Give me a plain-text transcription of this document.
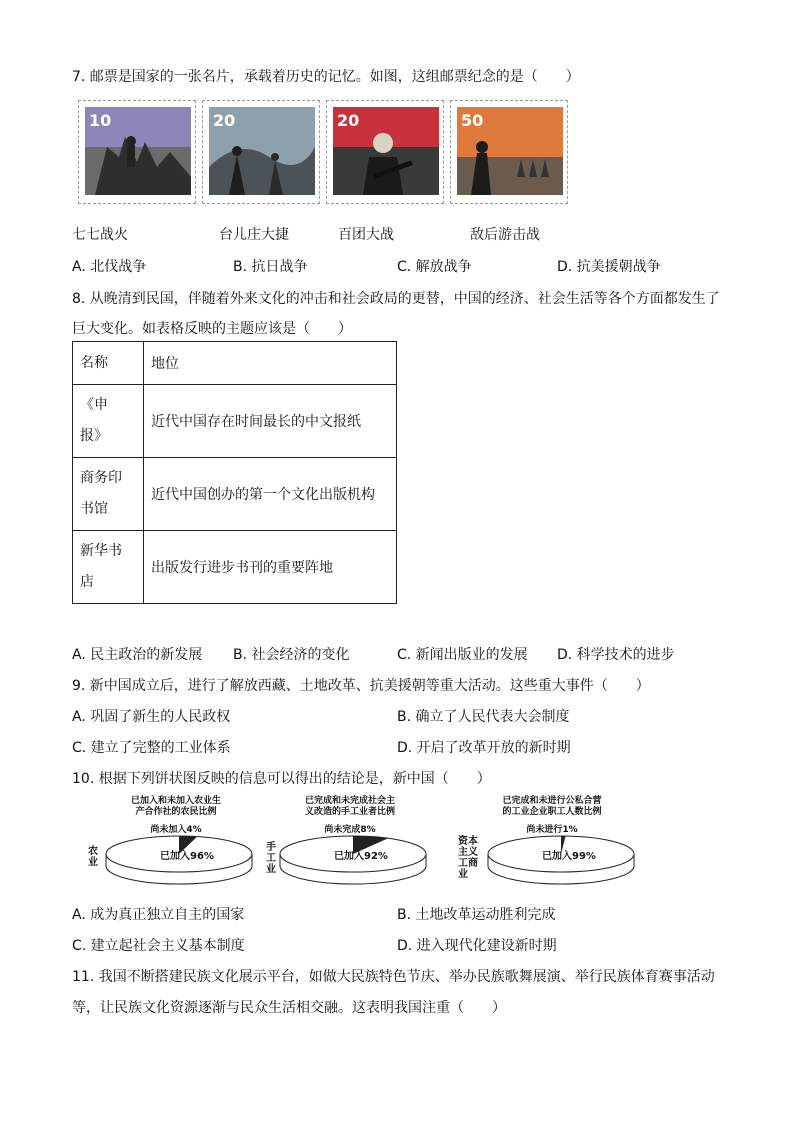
7. 邮票是国家的一张名片，承载着历史的记忆。如图，这组邮票纪念的是（　　）
10	20	20	50
七七战火	台儿庄大捷	百团大战	敌后游击战
A. 北伐战争	B. 抗日战争	C. 解放战争	D. 抗美援朝战争
8. 从晚清到民国，伴随着外来文化的冲击和社会政局的更替，中国的经济、社会生活等各个方面都发生了
巨大变化。如表格反映的主题应该是（　　）
名称	地位

《申
报》	近代中国存在时间最长的中文报纸

商务印
书馆	近代中国创办的第一个文化出版机构

新华书
店	出版发行进步书刊的重要阵地
A. 民主政治的新发展 B. 社会经济的变化	C. 新闻出版业的发展 D. 科学技术的进步
9. 新中国成立后，进行了解放西藏、土地改革、抗美援朝等重大活动。这些重大事件（　　）
A. 巩固了新生的人民政权	B. 确立了人民代表大会制度
C. 建立了完整的工业体系	D. 开启了改革开放的新时期
10. 根据下列饼状图反映的信息可以得出的结论是，新中国（　　）
已加入和未加入农业生
产合作社的农民比例
尚未加入4%
已加入96%
农业
已完成和未完成社会主
义改造的手工业者比例
尚未完成8%
已加入92%
手工业
已完成和未进行公私合营
的工业企业职工人数比例
尚未进行1%
已加入99%
资本主义工商业
A. 成为真正独立自主的国家	B. 土地改革运动胜利完成
C. 建立起社会主义基本制度	D. 进入现代化建设新时期
11. 我国不断搭建民族文化展示平台，如做大民族特色节庆、举办民族歌舞展演、举行民族体育赛事活动
等，让民族文化资源逐渐与民众生活相交融。这表明我国注重（　　）
